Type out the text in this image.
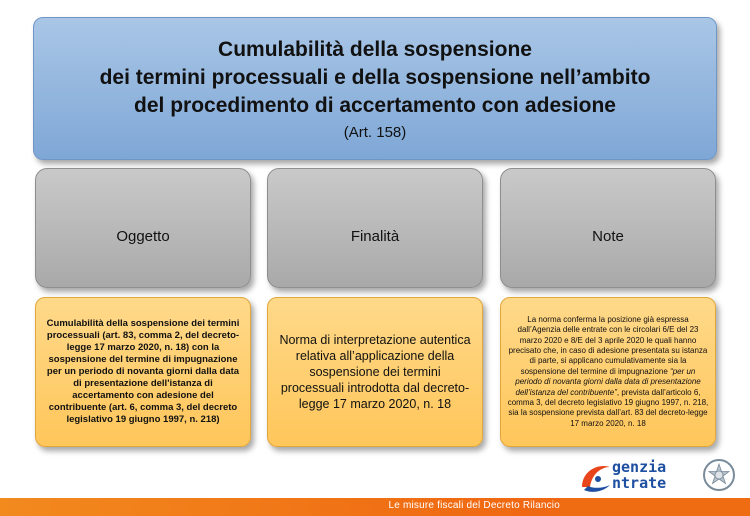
Cumulabilità della sospensione
dei termini processuali e della sospensione nell’ambito
del procedimento di accertamento con adesione
(Art. 158)
Oggetto	Finalità	Note
Cumulabilità della sospensione dei termini processuali (art. 83, comma 2, del decreto-legge 17 marzo 2020, n. 18) con la sospensione del termine di impugnazione per un periodo di novanta giorni dalla data di presentazione dell'istanza di accertamento con adesione del contribuente (art. 6, comma 3, del decreto legislativo 19 giugno 1997, n. 218)
Norma di interpretazione autentica relativa all’applicazione della sospensione dei termini processuali introdotta dal decreto-legge 17 marzo 2020, n. 18
La norma conferma la posizione già espressa dall’Agenzia delle entrate con le circolari 6/E del 23 marzo 2020 e 8/E del 3 aprile 2020 le quali hanno precisato che, in caso di adesione presentata su istanza di parte, si applicano cumulativamente sia la sospensione del termine di impugnazione “per un periodo di novanta giorni dalla data di presentazione dell’istanza del contribuente”, prevista dall’articolo 6, comma 3, del decreto legislativo 19 giugno 1997, n. 218, sia la sospensione prevista dall’art. 83 del decreto-legge 17 marzo 2020, n. 18
genzia
ntrate
Le misure fiscali del Decreto Rilancio
